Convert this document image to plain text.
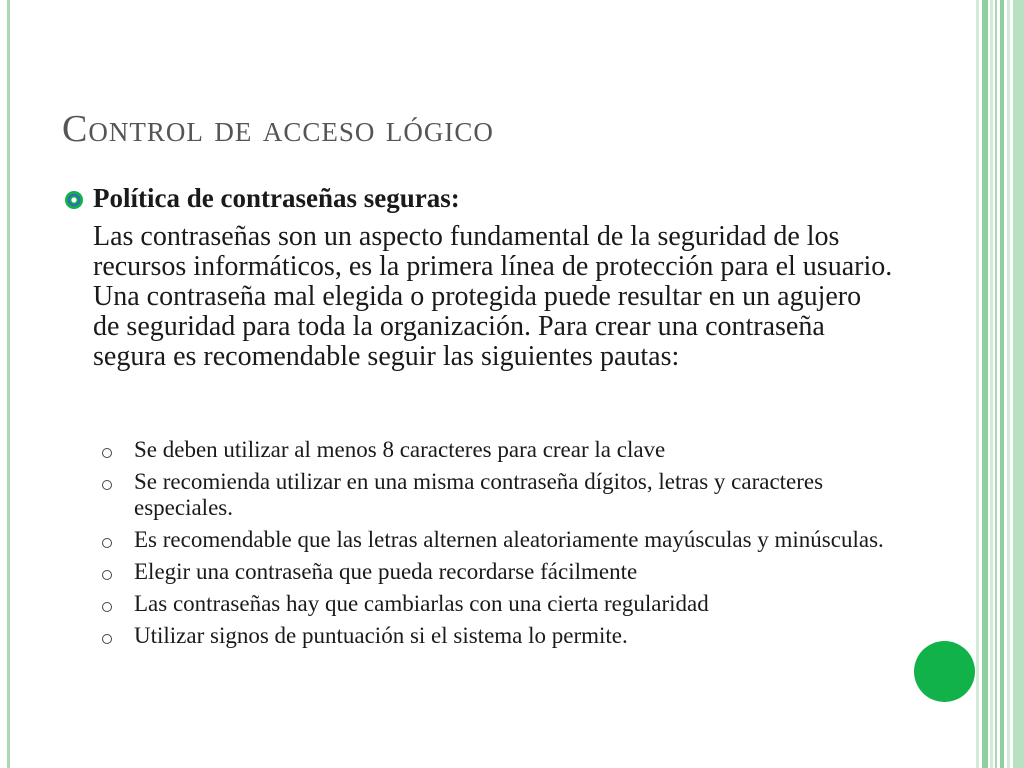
Control de acceso lógico

Política de contraseñas seguras:

Las contraseñas son un aspecto fundamental de la seguridad de los recursos informáticos, es la primera línea de protección para el usuario. Una contraseña mal elegida o protegida puede resultar en un agujero de seguridad para toda la organización. Para crear una contraseña segura es recomendable seguir las siguientes pautas:

Se deben utilizar al menos 8 caracteres para crear la clave
Se recomienda utilizar en una misma contraseña dígitos, letras y caracteres especiales.
Es recomendable que las letras alternen aleatoriamente mayúsculas y minúsculas.
Elegir una contraseña que pueda recordarse fácilmente
Las contraseñas hay que cambiarlas con una cierta regularidad
Utilizar signos de puntuación si el sistema lo permite.
